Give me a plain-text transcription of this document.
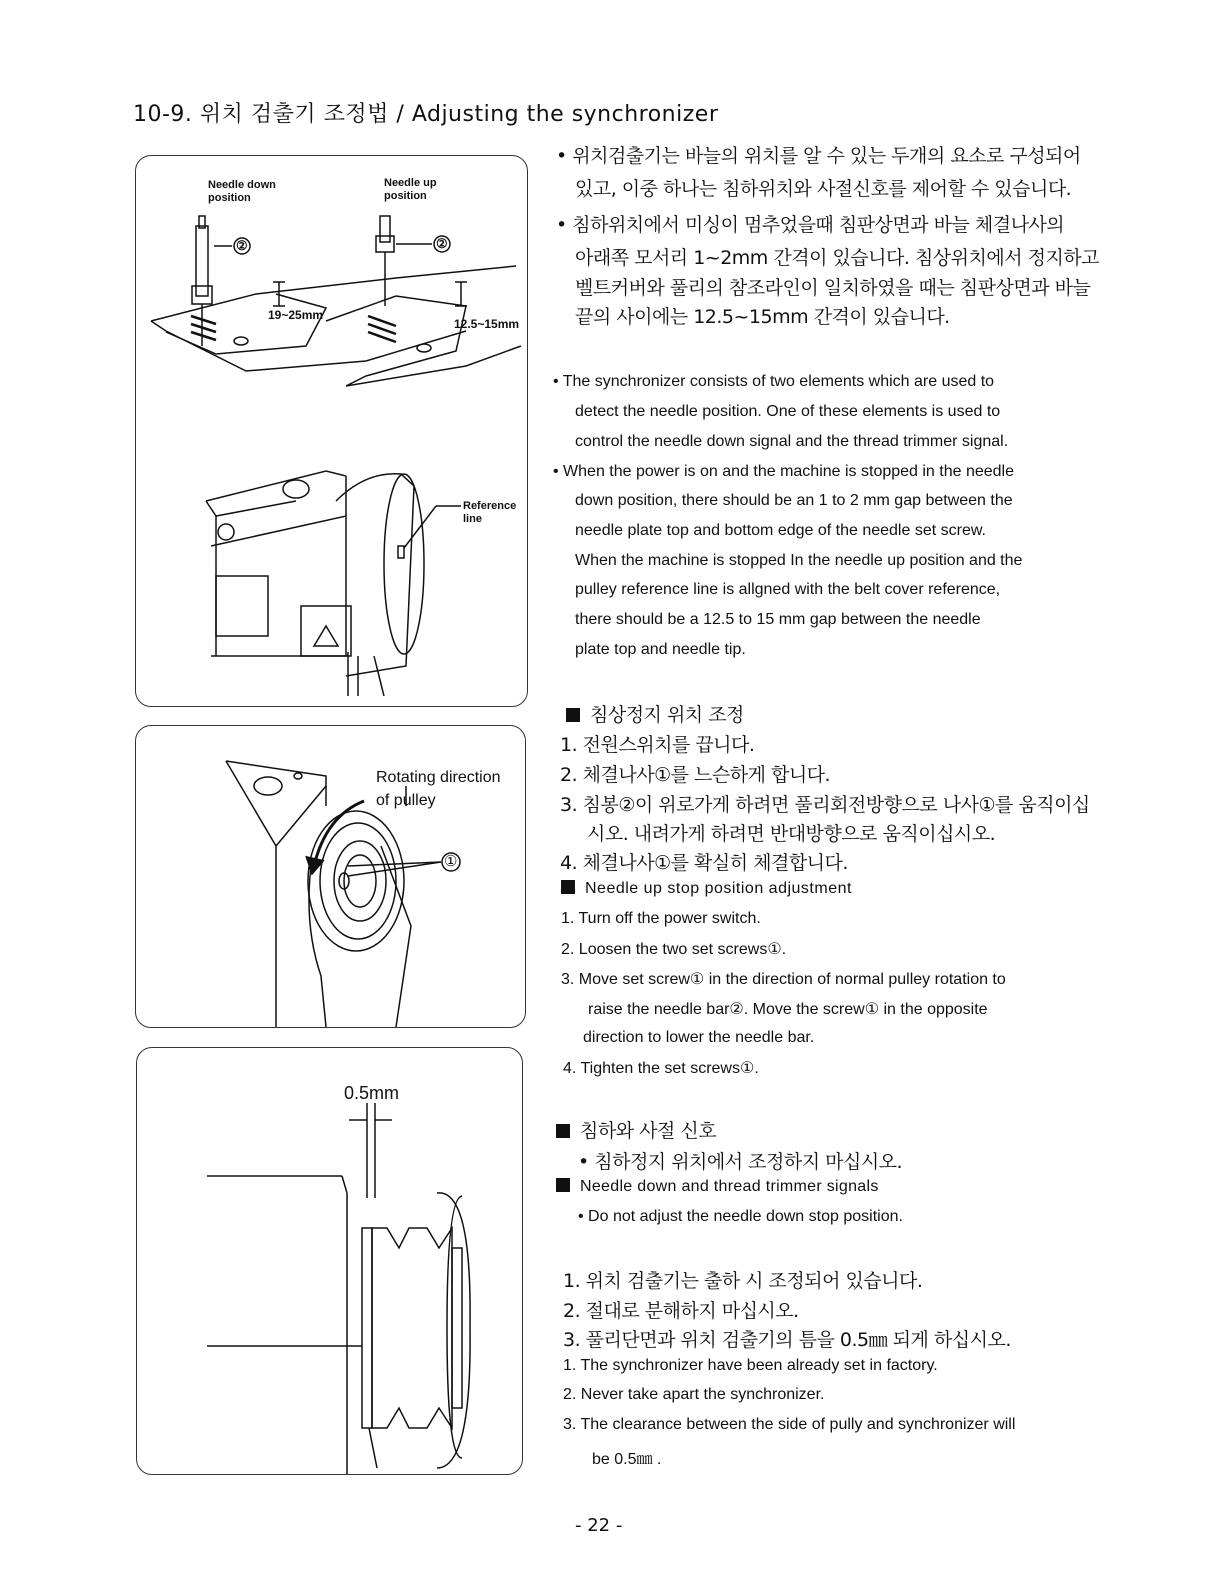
10-9. 위치 검출기 조정법 / Adjusting the synchronizer
Needle down position
Needle up position
②	②
19~25mm
12.5~15mm
Reference line
Rotating direction of pulley
①
0.5mm
• 위치검출기는 바늘의 위치를 알 수 있는 두개의 요소로 구성되어
있고, 이중 하나는 침하위치와 사절신호를 제어할 수 있습니다.
• 침하위치에서 미싱이 멈추었을때 침판상면과 바늘 체결나사의
아래쪽 모서리 1~2mm 간격이 있습니다. 침상위치에서 정지하고
벨트커버와 풀리의 참조라인이 일치하였을 때는 침판상면과 바늘
끝의 사이에는 12.5~15mm 간격이 있습니다.
• The synchronizer consists of two elements which are used to
detect the needle position. One of these elements is used to
control the needle down signal and the thread trimmer signal.
• When the power is on and the machine is stopped in the needle
down position, there should be an 1 to 2 mm gap between the
needle plate top and bottom edge of the needle set screw.
When the machine is stopped In the needle up position and the
pulley reference line is allgned with the belt cover reference,
there should be a 12.5 to 15 mm gap between the needle
plate top and needle tip.
침상정지 위치 조정
1. 전원스위치를 끕니다.
2. 체결나사①를 느슨하게 합니다.
3. 침봉②이 위로가게 하려면 풀리회전방향으로 나사①를 움직이십
시오. 내려가게 하려면 반대방향으로 움직이십시오.
4. 체결나사①를 확실히 체결합니다.
Needle up stop position adjustment
1. Turn off the power switch.
2. Loosen the two set screws①.
3. Move set screw① in the direction of normal pulley rotation to
raise the needle bar②. Move the screw① in the opposite
direction to lower the needle bar.
4. Tighten the set screws①.
침하와 사절 신호
• 침하정지 위치에서 조정하지 마십시오.
Needle down and thread trimmer signals
• Do not adjust the needle down stop position.
1. 위치 검출기는 출하 시 조정되어 있습니다.
2. 절대로 분해하지 마십시오.
3. 풀리단면과 위치 검출기의 틈을 0.5㎜ 되게 하십시오.
1. The synchronizer have been already set in factory.
2. Never take apart the synchronizer.
3. The clearance between the side of pully and synchronizer will
be 0.5㎜ .
- 22 -
